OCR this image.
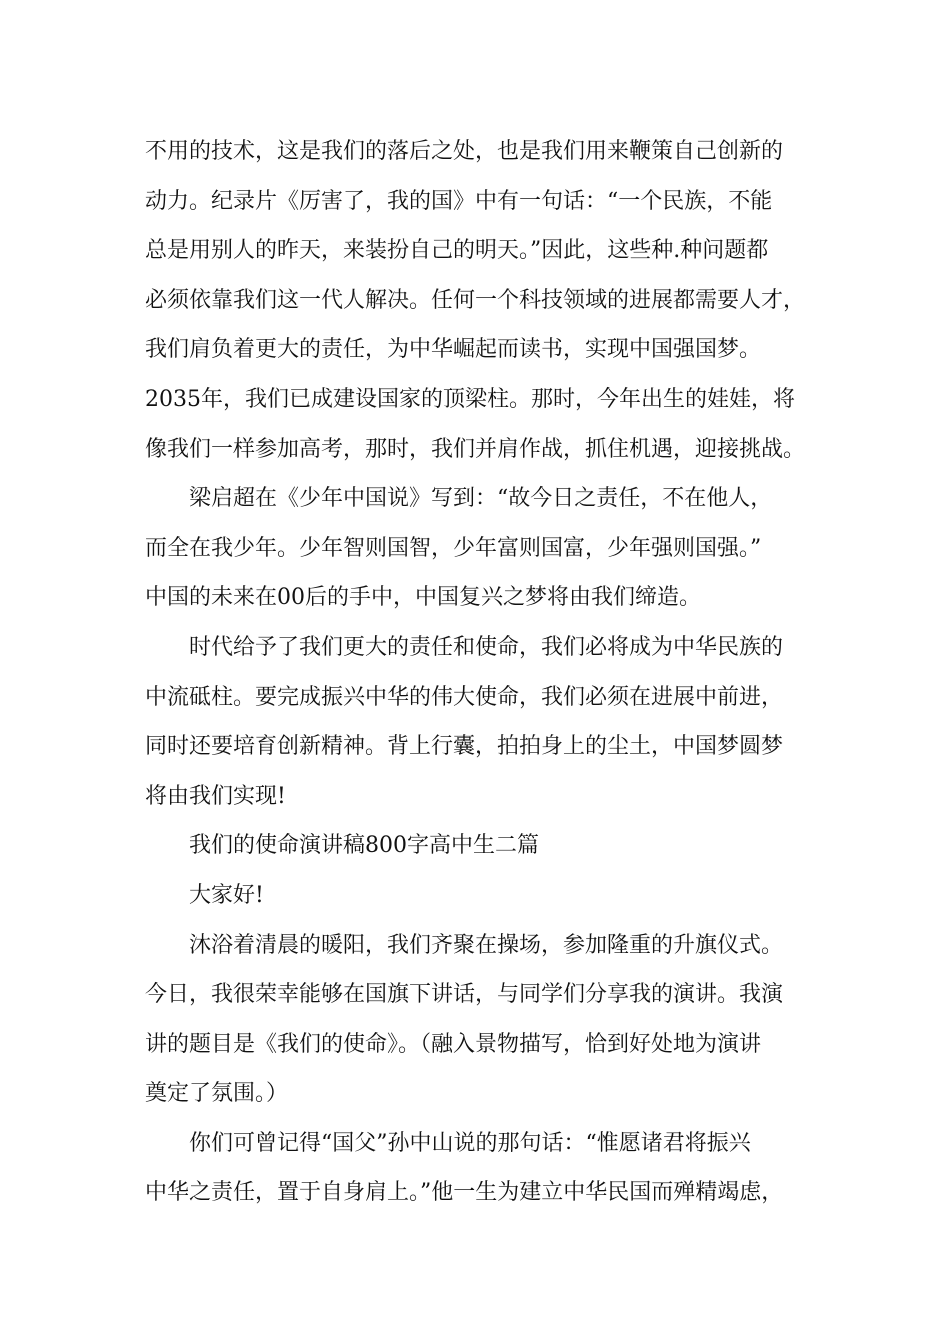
不用的技术，这是我们的落后之处，也是我们用来鞭策自己创新的
动力。纪录片《厉害了，我的国》中有一句话：“一个民族，不能
总是用别人的昨天，来装扮自己的明天。”因此，这些种.种问题都
必须依靠我们这一代人解决。任何一个科技领域的进展都需要人才，
我们肩负着更大的责任，为中华崛起而读书，实现中国强国梦。
2035年，我们已成建设国家的顶梁柱。那时，今年出生的娃娃，将
像我们一样参加高考，那时，我们并肩作战，抓住机遇，迎接挑战。
梁启超在《少年中国说》写到：“故今日之责任，不在他人，
而全在我少年。少年智则国智，少年富则国富，少年强则国强。”
中国的未来在00后的手中，中国复兴之梦将由我们缔造。
时代给予了我们更大的责任和使命，我们必将成为中华民族的
中流砥柱。要完成振兴中华的伟大使命，我们必须在进展中前进，
同时还要培育创新精神。背上行囊，拍拍身上的尘土，中国梦圆梦
将由我们实现!
我们的使命演讲稿800字高中生二篇
大家好!
沐浴着清晨的暖阳，我们齐聚在操场，参加隆重的升旗仪式。
今日，我很荣幸能够在国旗下讲话，与同学们分享我的演讲。我演
讲的题目是《我们的使命》。（融入景物描写，恰到好处地为演讲
奠定了氛围。）
你们可曾记得“国父”孙中山说的那句话：“惟愿诸君将振兴
中华之责任，置于自身肩上。”他一生为建立中华民国而殚精竭虑，
